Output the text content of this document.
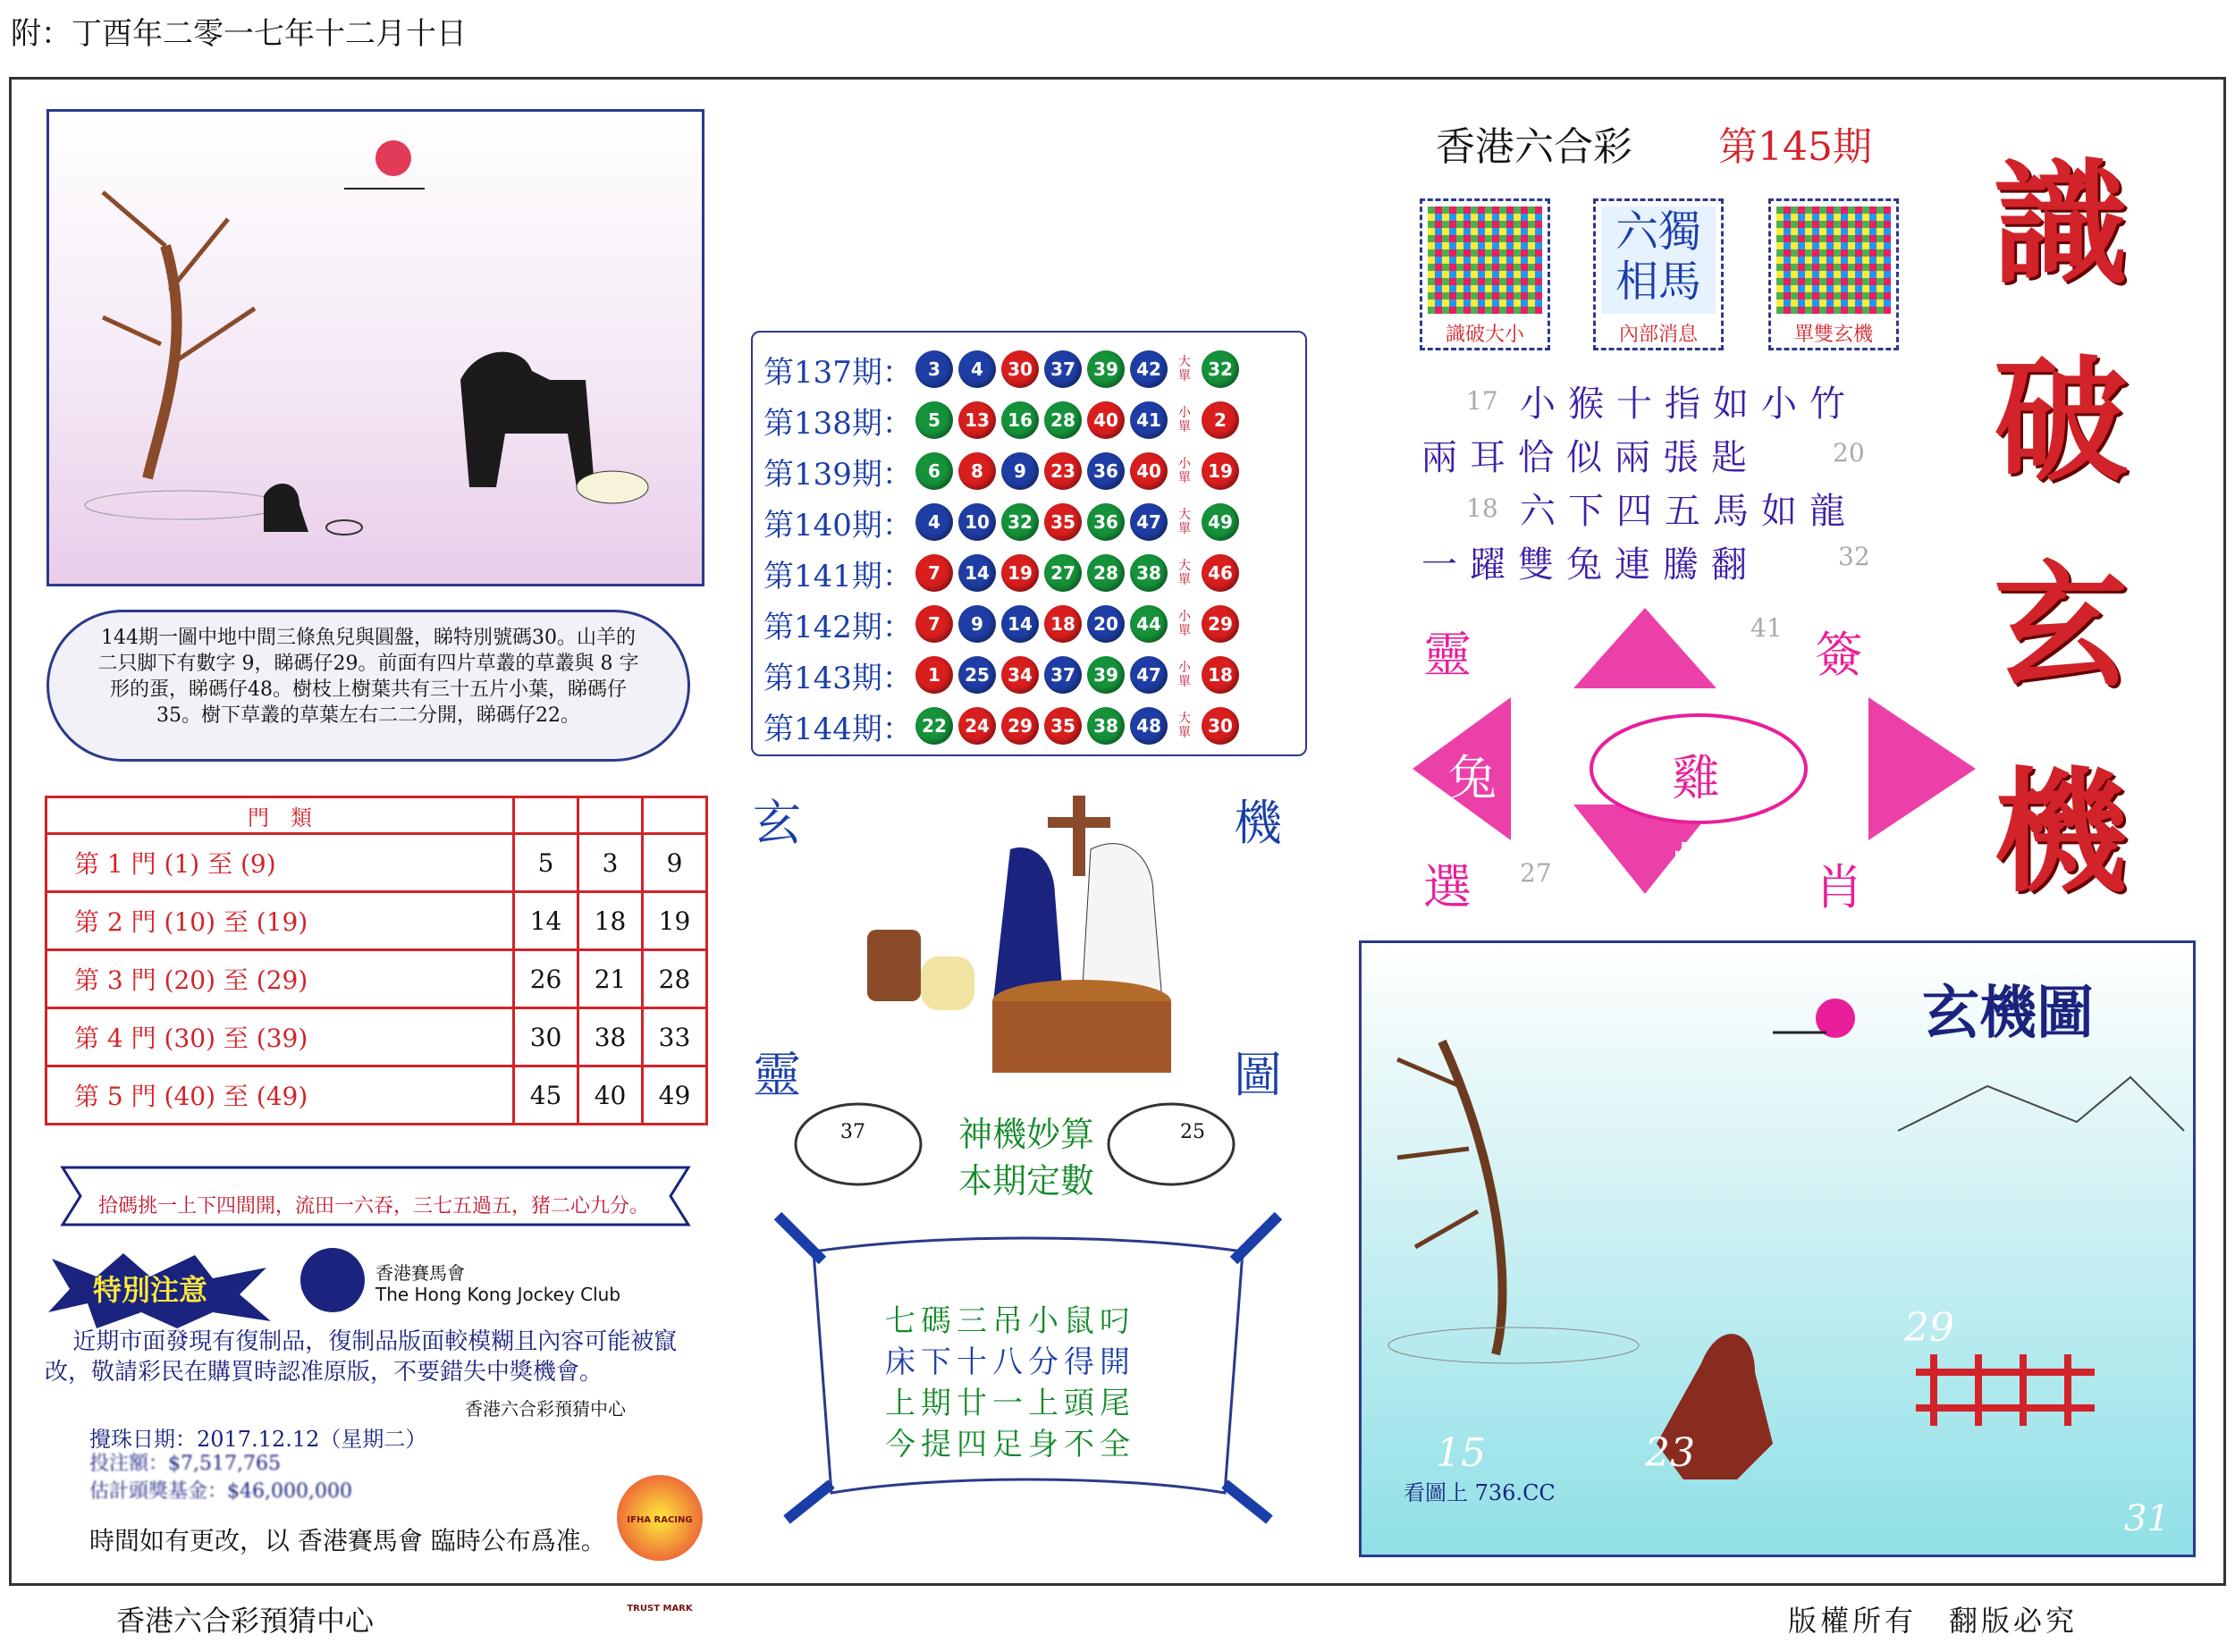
附：丁酉年二零一七年十二月十日
144期一圖中地中間三條魚兒與圓盤，睇特別號碼30。山羊的二只脚下有數字 9，睇碼仔29。前面有四片草叢的草叢與 8 字形的蛋，睇碼仔48。樹枝上樹葉共有三十五片小葉，睇碼仔35。樹下草叢的草葉左右二二分開，睇碼仔22。
門　類			
第 1 門 (1) 至 (9)	5	3	9
第 2 門 (10) 至 (19)	14	18	19
第 3 門 (20) 至 (29)	26	21	28
第 4 門 (30) 至 (39)	30	38	33
第 5 門 (40) 至 (49)	45	40	49
拾碼挑一上下四間開，流田一六吞，三七五過五，猪二心九分。
特別注意	香港賽馬會
The Hong Kong Jockey Club
近期市面發現有復制品，復制品版面較模糊且內容可能被竄改，敬請彩民在購買時認准原版，不要錯失中獎機會。
香港六合彩預猜中心
攪珠日期：2017.12.12（星期二）
投注額：$7,517,765
估計頭獎基金：$46,000,000
時間如有更改，以 香港賽馬會 臨時公布爲准。
IFHA RACING TRUST MARK
第137期： 3	4	30	37	39	42	大單 32
第138期： 5	13	16	28	40	41	小單	2
第139期： 6	8	9	23	36	40	小單 19
第140期： 4	10	32	35	36	47	大單 49
第141期： 7	14	19	27	28	38	大單 46
第142期： 7	9	14	18	20	44	小單 29
第143期： 1	25	34	37	39	47	小單 18
第144期： 22	24	29	35	38	48	大單 30
玄	機
靈	圖
37	25
神機妙算
本期定數
七碼三吊小鼠叼
床下十八分得開
上期廿一上頭尾
今提四足身不全
香港六合彩 第145期
識破大小
六獨相馬
內部消息	單雙玄機
小猴十指如小竹
兩耳恰似兩張匙
六下四五馬如龍
一躍雙兔連騰翻
17
20
18
32
41
靈	簽
兔	龍
雞
蛇
選	肖
27
識
破
玄
機
玄機圖
看圖上 736.CC
29
15	23
31
香港六合彩預猜中心	版權所有　翻版必究
